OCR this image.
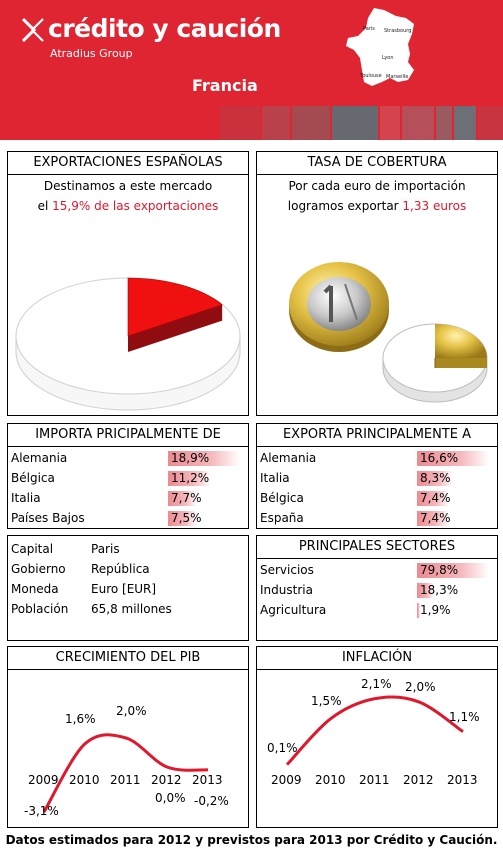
crédito y caución
Atradius Group
Francia
Paris Strasbourg
Lyon
Toulouse Marseille
EXPORTACIONES ESPAÑOLAS
Destinamos a este mercado
el 15,9% de las exportaciones
TASA DE COBERTURA
Por cada euro de importación
logramos exportar 1,33 euros
IMPORTA PRICIPALMENTE DE
Alemania	18,9%
Bélgica	11,2%
Italia	7,7%
Países Bajos	7,5%
EXPORTA PRINCIPALMENTE A
Alemania	16,6%
Italia	8,3%
Bélgica	7,4%
España	7,4%
Capital	Paris
Gobierno República
Moneda	Euro [EUR]
Población 65,8 millones
PRINCIPALES SECTORES
Servicios	79,8%
Industria	18,3%
Agricultura	1,9%
CRECIMIENTO DEL PIB
2009 2010 2011 2012 2013
-3,1%
1,6%
2,0%
0,0% -0,2%
INFLACIÓN
2009 2010 2011 2012 2013
0,1%
1,5%
2,1% 2,0%
1,1%
Datos estimados para 2012 y previstos para 2013 por Crédito y Caución.
